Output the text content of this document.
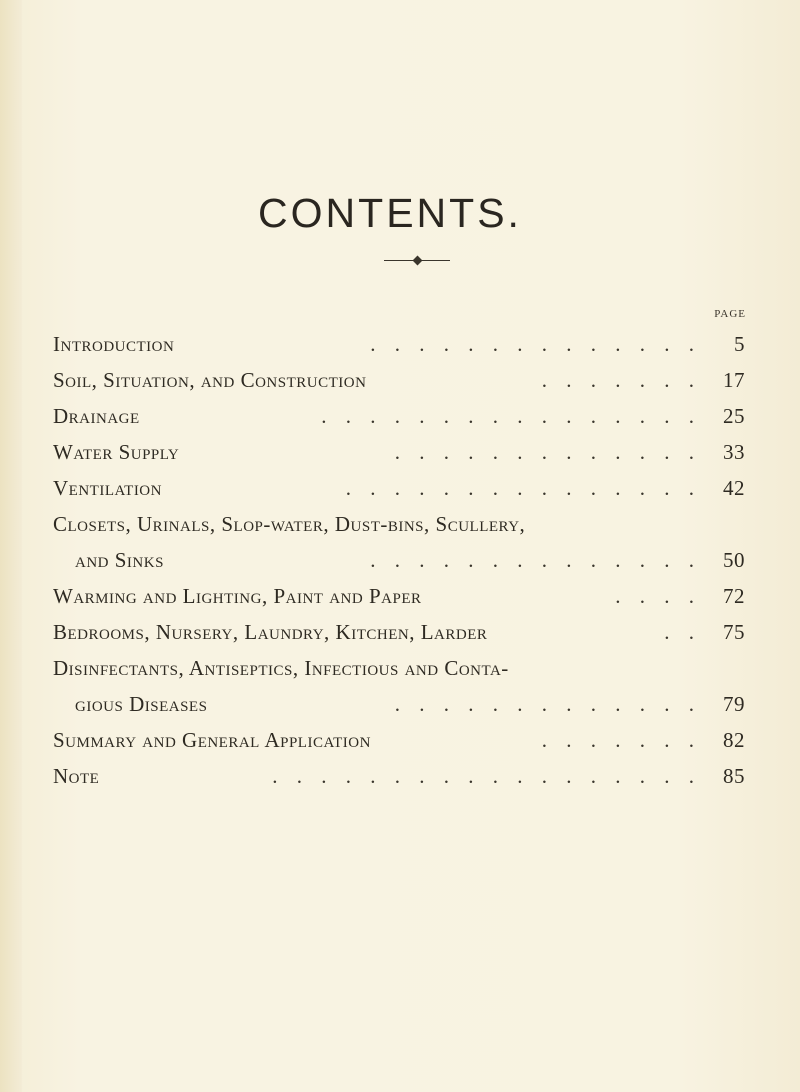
CONTENTS.
PAGE
Introduction	. . . . . . . . . . . . . .	5
Soil, Situation, and Construction	. . . . . . .	17
Drainage	. . . . . . . . . . . . . . . .	25
Water Supply	. . . . . . . . . . . . .	33
Ventilation	. . . . . . . . . . . . . . .	42
Closets, Urinals, Slop-water, Dust-bins, Scullery,
and Sinks	. . . . . . . . . . . . . .	50
Warming and Lighting, Paint and Paper	. . . .	72
Bedrooms, Nursery, Laundry, Kitchen, Larder	. .	75
Disinfectants, Antiseptics, Infectious and Conta-
gious Diseases	. . . . . . . . . . . . .	79
Summary and General Application	. . . . . . .	82
Note	. . . . . . . . . . . . . . . . . .	85
